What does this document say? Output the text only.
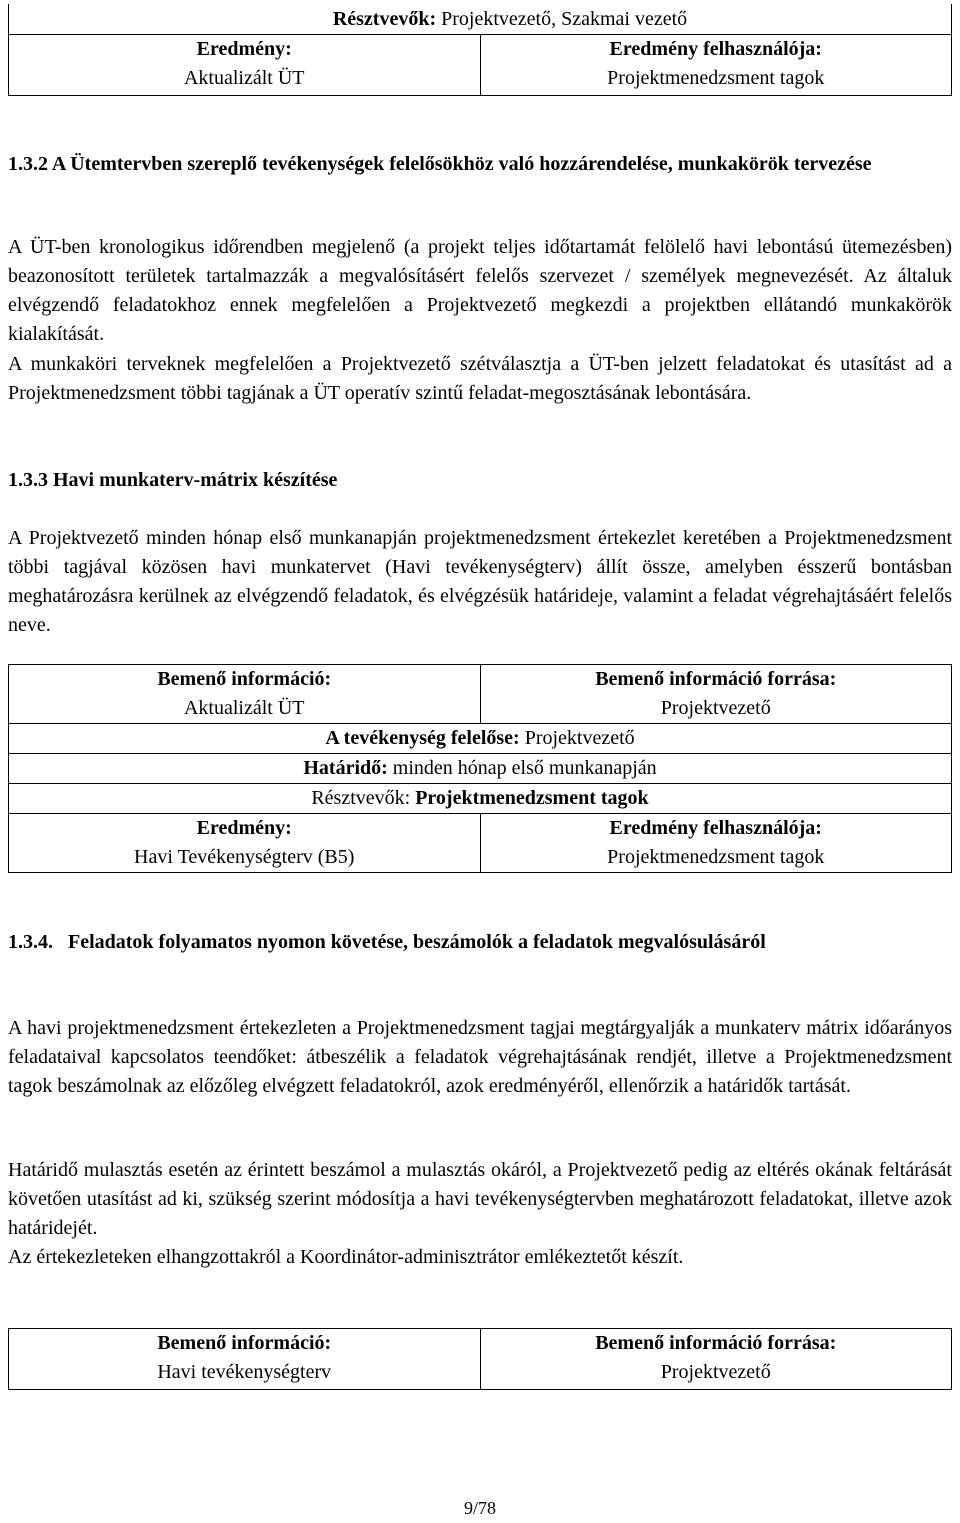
Résztvevők: Projektvezető, Szakmai vezető
Eredmény:
Aktualizált ÜT
Eredmény felhasználója:
Projektmenedzsment tagok
1.3.2 A Ütemtervben szereplő tevékenységek felelősökhöz való hozzárendelése, munkakörök tervezése

A ÜT-ben kronologikus időrendben megjelenő (a projekt teljes időtartamát felölelő havi lebontású ütemezésben) beazonosított területek tartalmazzák a megvalósításért felelős szervezet / személyek megnevezését. Az általuk elvégzendő feladatokhoz ennek megfelelően a Projektvezető megkezdi a projektben ellátandó munkakörök kialakítását.

A munkaköri terveknek megfelelően a Projektvezető szétválasztja a ÜT-ben jelzett feladatokat és utasítást ad a Projektmenedzsment többi tagjának a ÜT operatív szintű feladat-megosztásának lebontására.

1.3.3 Havi munkaterv-mátrix készítése

A Projektvezető minden hónap első munkanapján projektmenedzsment értekezlet keretében a Projektmenedzsment többi tagjával közösen havi munkatervet (Havi tevékenységterv) állít össze, amelyben ésszerű bontásban meghatározásra kerülnek az elvégzendő feladatok, és elvégzésük határideje, valamint a feladat végrehajtásáért felelős neve.

Bemenő információ:
Aktualizált ÜT
Bemenő információ forrása:
Projektvezető
A tevékenység felelőse: Projektvezető
Határidő: minden hónap első munkanapján
Résztvevők: Projektmenedzsment tagok
Eredmény:
Havi Tevékenységterv (B5)
Eredmény felhasználója:
Projektmenedzsment tagok
1.3.4. Feladatok folyamatos nyomon követése, beszámolók a feladatok megvalósulásáról

A havi projektmenedzsment értekezleten a Projektmenedzsment tagjai megtárgyalják a munkaterv mátrix időarányos feladataival kapcsolatos teendőket: átbeszélik a feladatok végrehajtásának rendjét, illetve a Projektmenedzsment tagok beszámolnak az előzőleg elvégzett feladatokról, azok eredményéről, ellenőrzik a határidők tartását.

Határidő mulasztás esetén az érintett beszámol a mulasztás okáról, a Projektvezető pedig az eltérés okának feltárását követően utasítást ad ki, szükség szerint módosítja a havi tevékenységtervben meghatározott feladatokat, illetve azok határidejét.

Az értekezleteken elhangzottakról a Koordinátor-adminisztrátor emlékeztetőt készít.

Bemenő információ:
Havi tevékenységterv
Bemenő információ forrása:
Projektvezető
9/78
